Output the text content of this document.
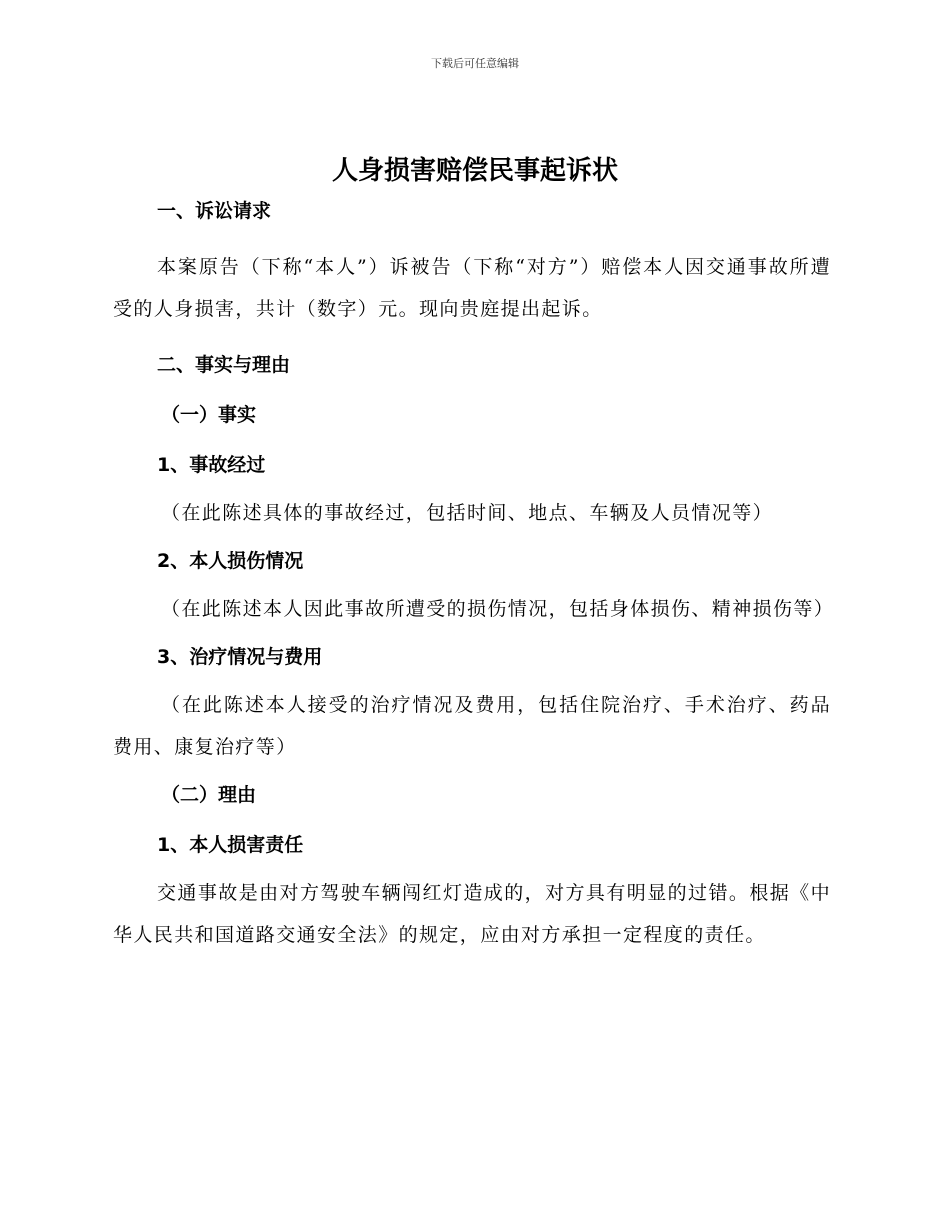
下载后可任意编辑
人身损害赔偿民事起诉状
一、诉讼请求
本案原告（下称“本人”）诉被告（下称“对方”）赔偿本人因交通事故所遭受的人身损害，共计（数字）元。现向贵庭提出起诉。
二、事实与理由
（一）事实
1、事故经过
（在此陈述具体的事故经过，包括时间、地点、车辆及人员情况等）
2、本人损伤情况
（在此陈述本人因此事故所遭受的损伤情况，包括身体损伤、精神损伤等）
3、治疗情况与费用
（在此陈述本人接受的治疗情况及费用，包括住院治疗、手术治疗、药品费用、康复治疗等）
（二）理由
1、本人损害责任
交通事故是由对方驾驶车辆闯红灯造成的，对方具有明显的过错。根据《中华人民共和国道路交通安全法》的规定，应由对方承担一定程度的责任。
